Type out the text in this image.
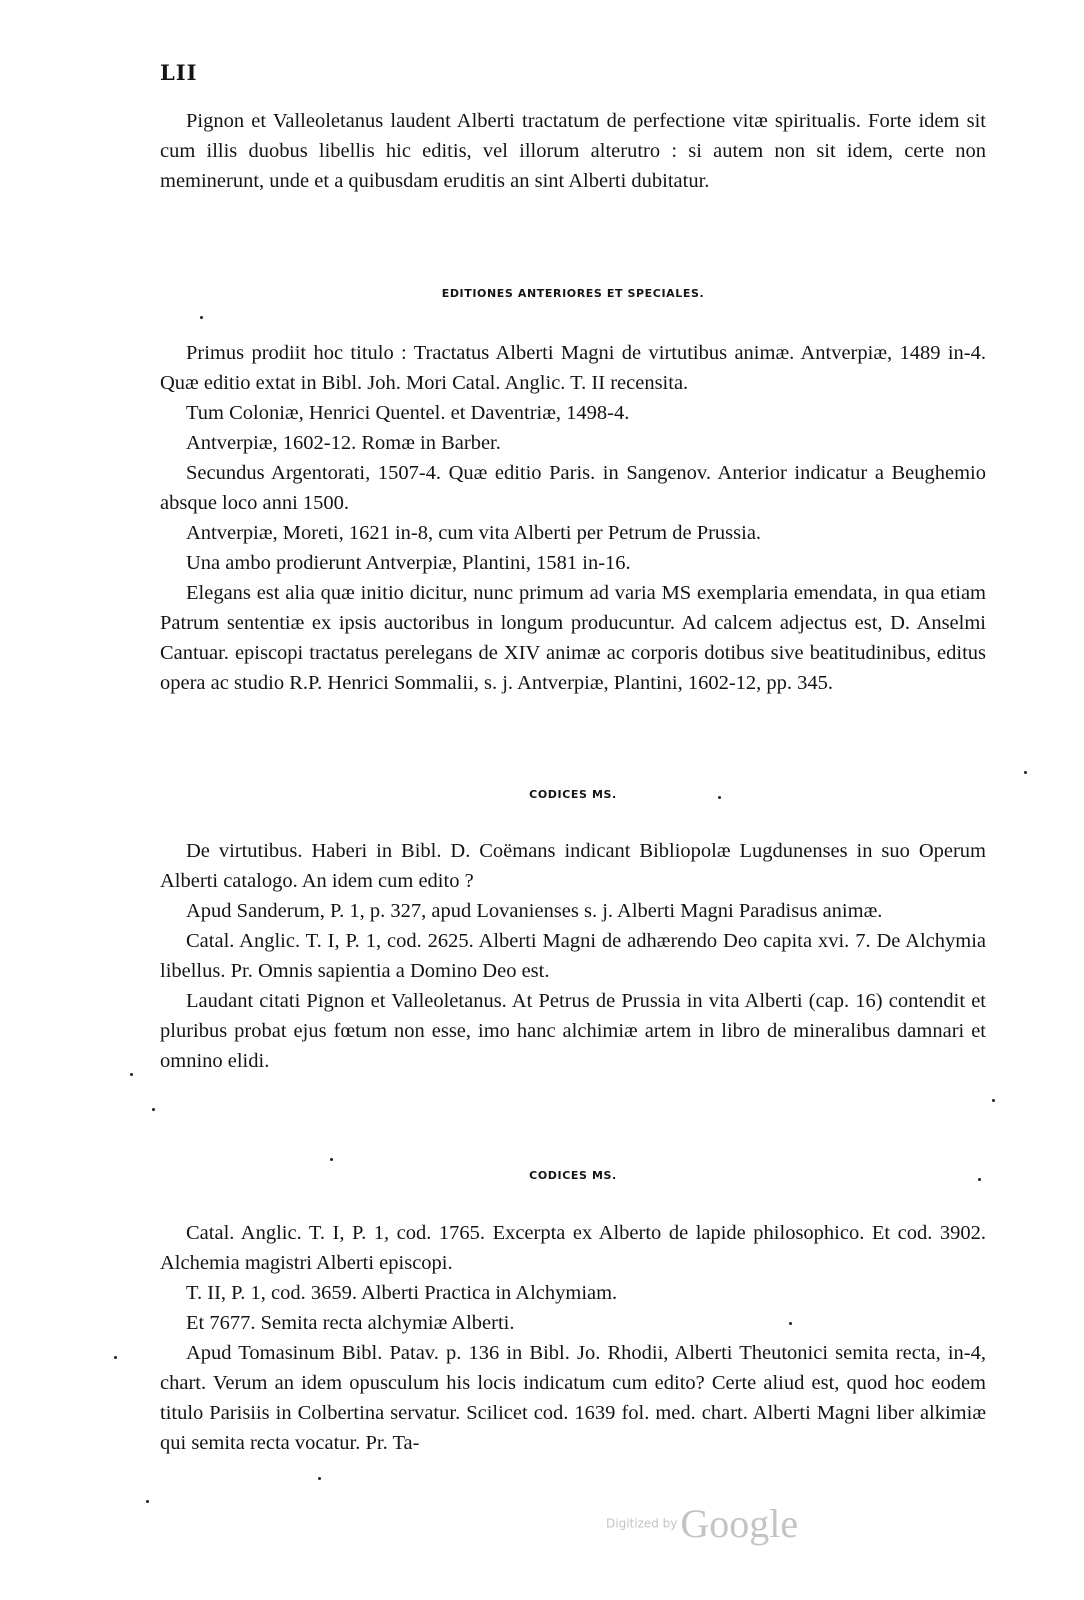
LII

Pignon et Valleoletanus laudent Alberti tractatum de perfectione vitæ spiritualis. Forte idem sit cum illis duobus libellis hic editis, vel illorum alterutro : si autem non sit idem, certe non meminerunt, unde et a quibusdam eruditis an sint Alberti dubitatur.

EDITIONES ANTERIORES ET SPECIALES.

Primus prodiit hoc titulo : Tractatus Alberti Magni de virtutibus animæ. Antverpiæ, 1489 in-4. Quæ editio extat in Bibl. Joh. Mori Catal. Anglic. T. II recensita.

Tum Coloniæ, Henrici Quentel. et Daventriæ, 1498-4.

Antverpiæ, 1602-12. Romæ in Barber.

Secundus Argentorati, 1507-4. Quæ editio Paris. in Sangenov. Anterior indicatur a Beughemio absque loco anni 1500.

Antverpiæ, Moreti, 1621 in-8, cum vita Alberti per Petrum de Prussia.

Una ambo prodierunt Antverpiæ, Plantini, 1581 in-16.

Elegans est alia quæ initio dicitur, nunc primum ad varia MS exemplaria emendata, in qua etiam Patrum sententiæ ex ipsis auctoribus in longum producuntur. Ad calcem adjectus est, D. Anselmi Cantuar. episcopi tractatus perelegans de XIV animæ ac corporis dotibus sive beatitudinibus, editus opera ac studio R.P. Henrici Sommalii, s. j. Antverpiæ, Plantini, 1602-12, pp. 345.

CODICES MS.

De virtutibus. Haberi in Bibl. D. Coëmans indicant Bibliopolæ Lugdunenses in suo Operum Alberti catalogo. An idem cum edito ?

Apud Sanderum, P. 1, p. 327, apud Lovanienses s. j. Alberti Magni Paradisus animæ.

Catal. Anglic. T. I, P. 1, cod. 2625. Alberti Magni de adhærendo Deo capita xvi. 7. De Alchymia libellus. Pr. Omnis sapientia a Domino Deo est.

Laudant citati Pignon et Valleoletanus. At Petrus de Prussia in vita Alberti (cap. 16) contendit et pluribus probat ejus fœtum non esse, imo hanc alchimiæ artem in libro de mineralibus damnari et omnino elidi.

CODICES MS.

Catal. Anglic. T. I, P. 1, cod. 1765. Excerpta ex Alberto de lapide philosophico. Et cod. 3902. Alchemia magistri Alberti episcopi.

T. II, P. 1, cod. 3659. Alberti Practica in Alchymiam.

Et 7677. Semita recta alchymiæ Alberti.

Apud Tomasinum Bibl. Patav. p. 136 in Bibl. Jo. Rhodii, Alberti Theutonici semita recta, in-4, chart. Verum an idem opusculum his locis indicatum cum edito? Certe aliud est, quod hoc eodem titulo Parisiis in Colbertina servatur. Scilicet cod. 1639 fol. med. chart. Alberti Magni liber alkimiæ qui semita recta vocatur. Pr. Ta-

Digitized byGoogle
